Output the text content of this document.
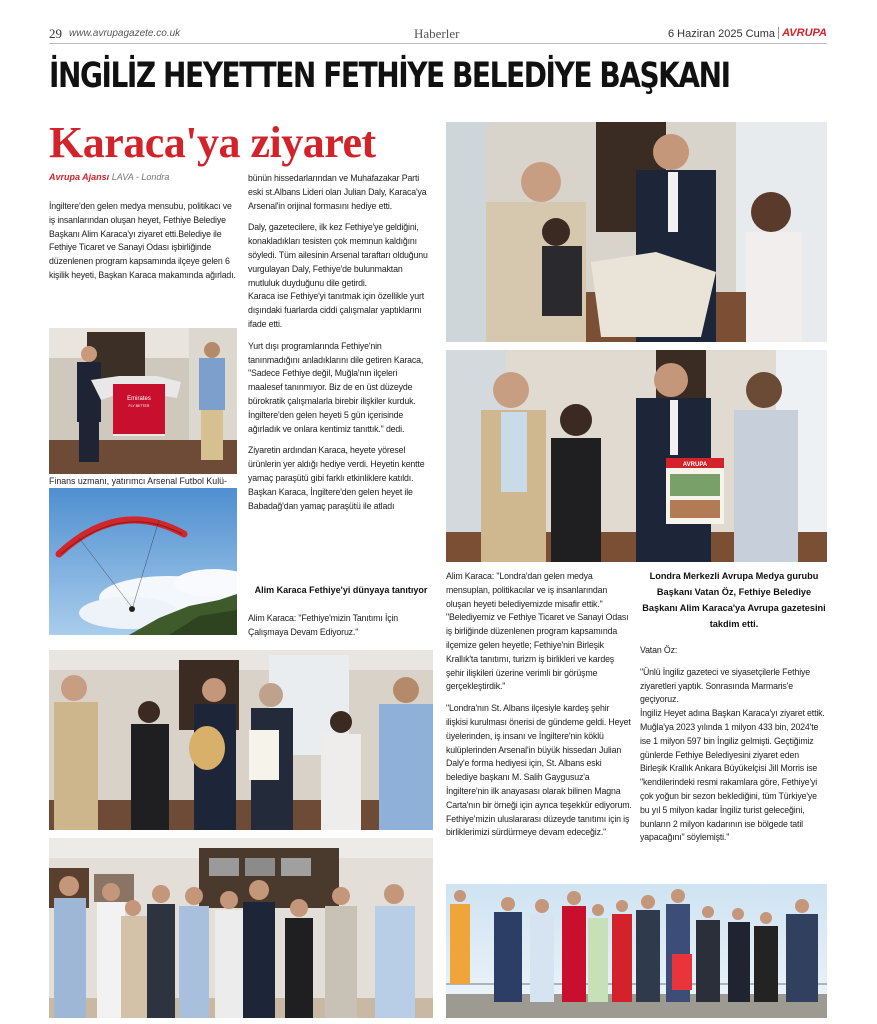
29 www.avrupagazete.co.uk	Haberler	6 Haziran 2025 Cuma AVRUPA
İNGİLİZ HEYETTEN FETHİYE BELEDİYE BAŞKANI
Karaca'ya ziyaret
Avrupa Ajansı LAVA - Londra

İngiltere'den gelen medya mensubu, politikacı ve iş insanlarından oluşan heyet, Fethiye Belediye Başkanı Alim Karaca'yı ziyaret etti.Belediye ile Fethiye Ticaret ve Sanayi Odası işbirliğinde düzenlenen program kapsamında ilçeye gelen 6 kişilik heyeti, Başkan Karaca makamında ağırladı.

Emirates
FLY BETTER
Finans uzmanı, yatırımcı Arsenal Futbol Kulü-

bünün hissedarlarından ve Muhafazakar Parti eski st.Albans Lideri olan Julian Daly, Karaca'ya Arsenal'in orijinal formasını hediye etti.

Daly, gazetecilere, ilk kez Fethiye'ye geldiğini, konakladıkları tesisten çok memnun kaldığını söyledi. Tüm ailesinin Arsenal taraftarı olduğunu vurgulayan Daly, Fethiye'de bulunmaktan mutluluk duyduğunu dile getirdi.

Karaca ise Fethiye'yi tanıtmak için özellikle yurt dışındaki fuarlarda ciddi çalışmalar yaptıklarını ifade etti.

Yurt dışı programlarında Fethiye'nin tanınmadığını anladıklarını dile getiren Karaca, "Sadece Fethiye değil, Muğla'nın ilçeleri maalesef tanınmıyor. Biz de en üst düzeyde bürokratik çalışmalarla birebir ilişkiler kurduk. İngiltere'den gelen heyeti 5 gün içerisinde ağırladık ve onlara kentimiz tanıttık." dedi.

Ziyaretin ardından Karaca, heyete yöresel ürünlerin yer aldığı hediye verdi. Heyetin kentte yamaç paraşütü gibi farklı etkinliklere katıldı. Başkan Karaca, İngiltere'den gelen heyet ile Babadağ'dan yamaç paraşütü ile atladı

Alim Karaca Fethiye'yi dünyaya tanıtıyor

Alim Karaca: "Fethiye'mizin Tanıtımı İçin Çalışmaya Devam Ediyoruz."

AVRUPA
Londra Merkezli Avrupa Medya gurubu Başkanı Vatan Öz, Fethiye Belediye Başkanı Alim Karaca'ya Avrupa gazetesini takdim etti.

Alim Karaca: "Londra'dan gelen medya mensuplan, politikacılar ve iş insanlarından oluşan heyeti belediyemizde misafir ettik."

"Belediyemiz ve Fethiye Ticaret ve Sanayi Odası iş birliğinde düzenlenen program kapsamında ilçemize gelen heyetle; Fethiye'nin Birleşik Krallık'ta tanıtımı, turizm iş birlikleri ve kardeş şehir ilişkileri üzerine verimli bir görüşme gerçekleştirdik."

"Londra'nın St. Albans ilçesiyle kardeş şehir ilişkisi kurulması önerisi de gündeme geldi. Heyet üyelerinden, iş insanı ve İngiltere'nin köklü kulüplerinden Arsenal'in büyük hissedarı Julian Daly'e forma hediyesi için, St. Albans eski belediye başkanı M. Salih Gaygusuz'a İngiltere'nin ilk anayasası olarak bilinen Magna Carta'nın bir örneği için ayrıca teşekkür ediyorum. Fethiye'mizin uluslararası düzeyde tanıtımı için iş birliklerimizi sürdürmeye devam edeceğiz."

Vatan Öz:

"Ünlü İngiliz gazeteci ve siyasetçilerle Fethiye ziyaretleri yaptık. Sonrasında Marmaris'e geçiyoruz.

İngiliz Heyet adına Başkan Karaca'yı ziyaret ettik. Muğla'ya 2023 yılında 1 milyon 433 bin, 2024'te ise 1 milyon 597 bin İngiliz gelmişti. Geçtiğimiz günlerde Fethiye Belediyesini ziyaret eden Birleşik Krallık Ankara Büyükelçisi Jill Morris ise "kendilerindeki resmi rakamlara göre, Fethiye'yi çok yoğun bir sezon beklediğini, tüm Türkiye'ye bu yıl 5 milyon kadar İngiliz turist geleceğini, bunların 2 milyon kadarının ise bölgede tatil yapacağını" söylemişti."
